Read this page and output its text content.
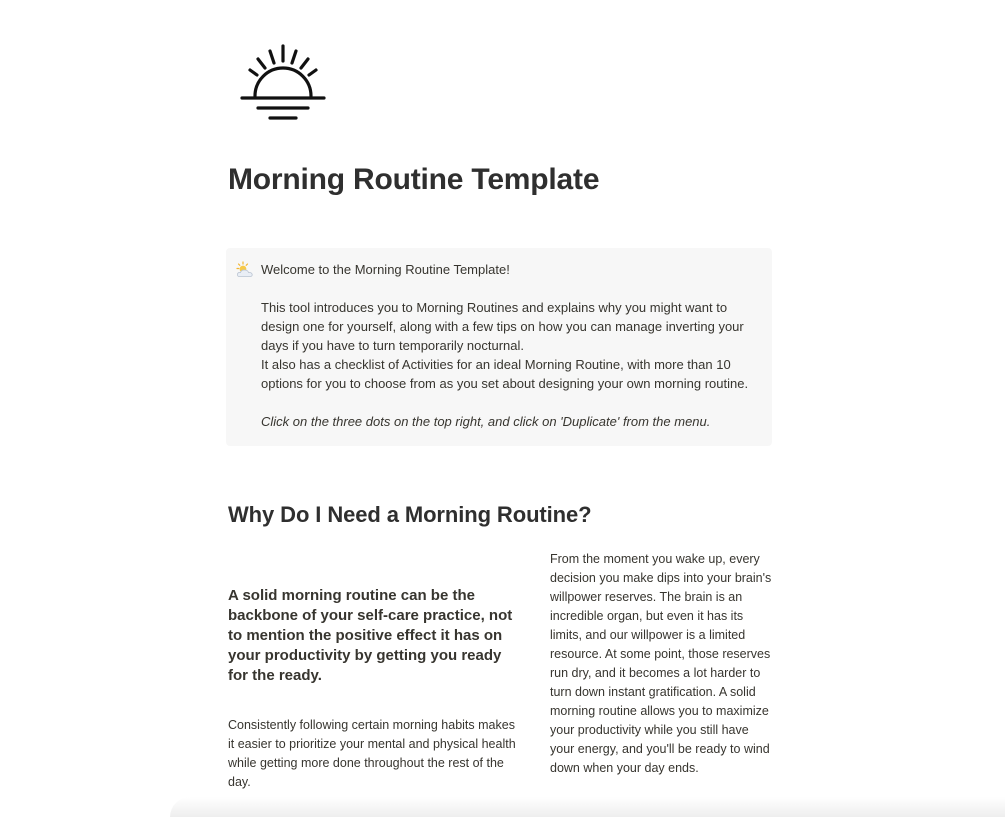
Morning Routine Template

Welcome to the Morning Routine Template!

This tool introduces you to Morning Routines and explains why you might want to design one for yourself, along with a few tips on how you can manage inverting your days if you have to turn temporarily nocturnal.

It also has a checklist of Activities for an ideal Morning Routine, with more than 10 options for you to choose from as you set about designing your own morning routine.

Click on the three dots on the top right, and click on 'Duplicate' from the menu.

Why Do I Need a Morning Routine?

A solid morning routine can be the backbone of your self-care practice, not to mention the positive effect it has on your productivity by getting you ready for the ready.

Consistently following certain morning habits makes it easier to prioritize your mental and physical health while getting more done throughout the rest of the day.

From the moment you wake up, every decision you make dips into your brain's willpower reserves. The brain is an incredible organ, but even it has its limits, and our willpower is a limited resource. At some point, those reserves run dry, and it becomes a lot harder to turn down instant gratification. A solid morning routine allows you to maximize your productivity while you still have your energy, and you'll be ready to wind down when your day ends.
